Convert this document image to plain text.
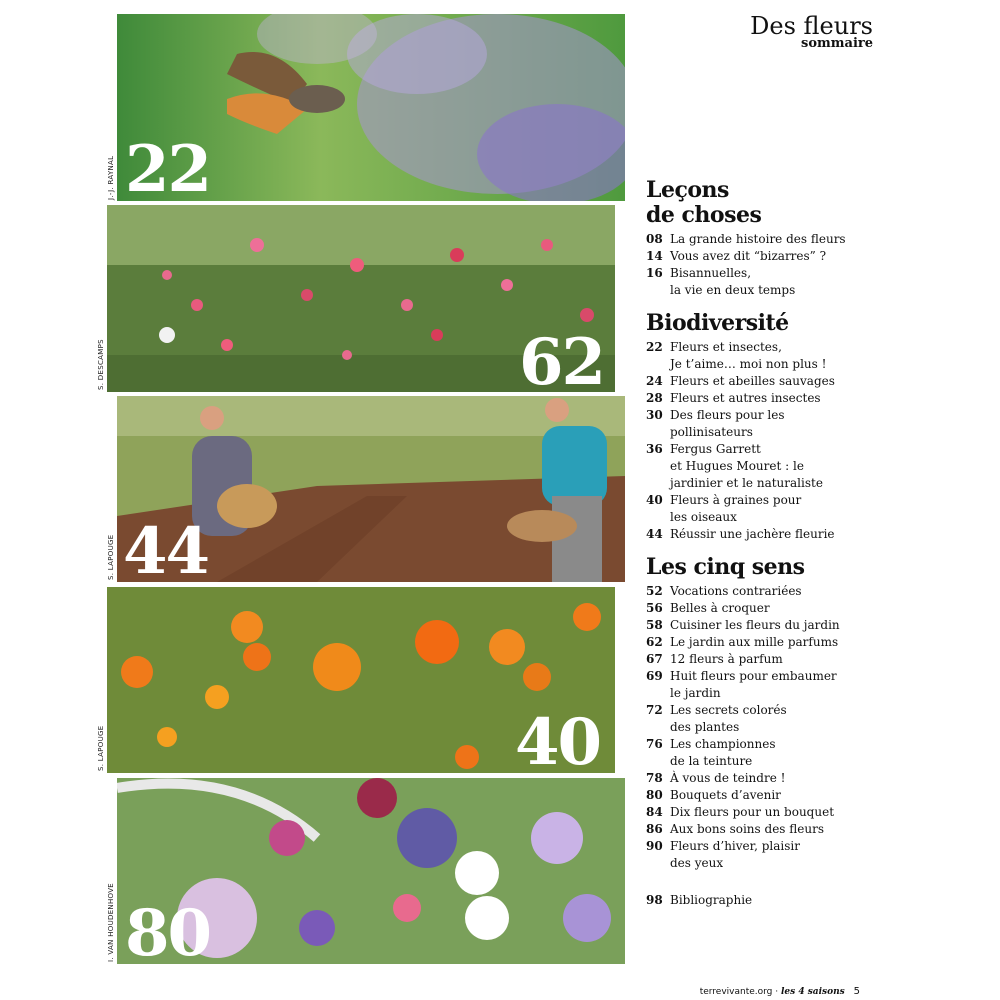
Des fleurs
sommaire
22
J.-J. RAYNAL
62
S. DESCAMPS
44
S. LAPOUGE
40
S. LAPOUGE
80
I. VAN HOUDENHOVE
Leçons
de choses
08 La grande histoire des fleurs
14 Vous avez dit “bizarres” ?
16 Bisannuelles,
la vie en deux temps
Biodiversité
22 Fleurs et insectes,
Je t’aime… moi non plus !
24 Fleurs et abeilles sauvages
28 Fleurs et autres insectes
30 Des fleurs pour les
pollinisateurs
36 Fergus Garrett
et Hugues Mouret : le
jardinier et le naturaliste
40 Fleurs à graines pour
les oiseaux
44 Réussir une jachère fleurie
Les cinq sens
52 Vocations contrariées
56 Belles à croquer
58 Cuisiner les fleurs du jardin
62 Le jardin aux mille parfums
67 12 fleurs à parfum
69 Huit fleurs pour embaumer
le jardin
72 Les secrets colorés
des plantes
76 Les championnes
de la teinture
78 À vous de teindre !
80 Bouquets d’avenir
84 Dix fleurs pour un bouquet
86 Aux bons soins des fleurs
90 Fleurs d’hiver, plaisir
des yeux
98 Bibliographie
terrevivante.org · les 4 saisons 5
